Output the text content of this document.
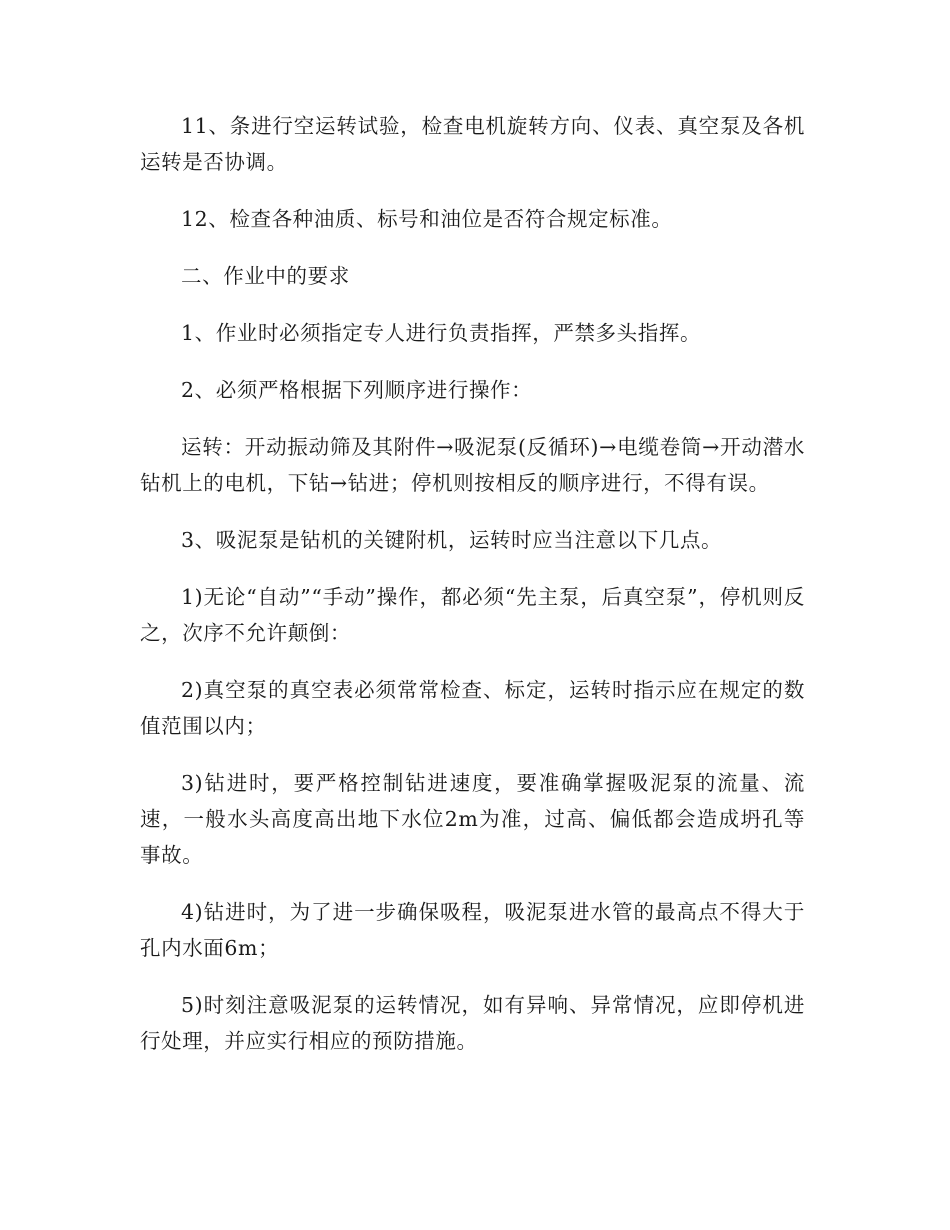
11、条进行空运转试验，检查电机旋转方向、仪表、真空泵及各机运转是否协调。

12、检查各种油质、标号和油位是否符合规定标准。

二、作业中的要求

1、作业时必须指定专人进行负责指挥，严禁多头指挥。

2、必须严格根据下列顺序进行操作：

运转：开动振动筛及其附件→吸泥泵(反循环)→电缆卷筒→开动潜水钻机上的电机，下钻→钻进；停机则按相反的顺序进行，不得有误。

3、吸泥泵是钻机的关键附机，运转时应当注意以下几点。

1)无论“自动”“手动”操作，都必须“先主泵，后真空泵”，停机则反之，次序不允许颠倒：

2)真空泵的真空表必须常常检查、标定，运转时指示应在规定的数值范围以内；

3)钻进时，要严格控制钻进速度，要准确掌握吸泥泵的流量、流速，一般水头高度高出地下水位2m为准，过高、偏低都会造成坍孔等事故。

4)钻进时，为了进一步确保吸程，吸泥泵进水管的最高点不得大于孔内水面6m；

5)时刻注意吸泥泵的运转情况，如有异响、异常情况，应即停机进行处理，并应实行相应的预防措施。
